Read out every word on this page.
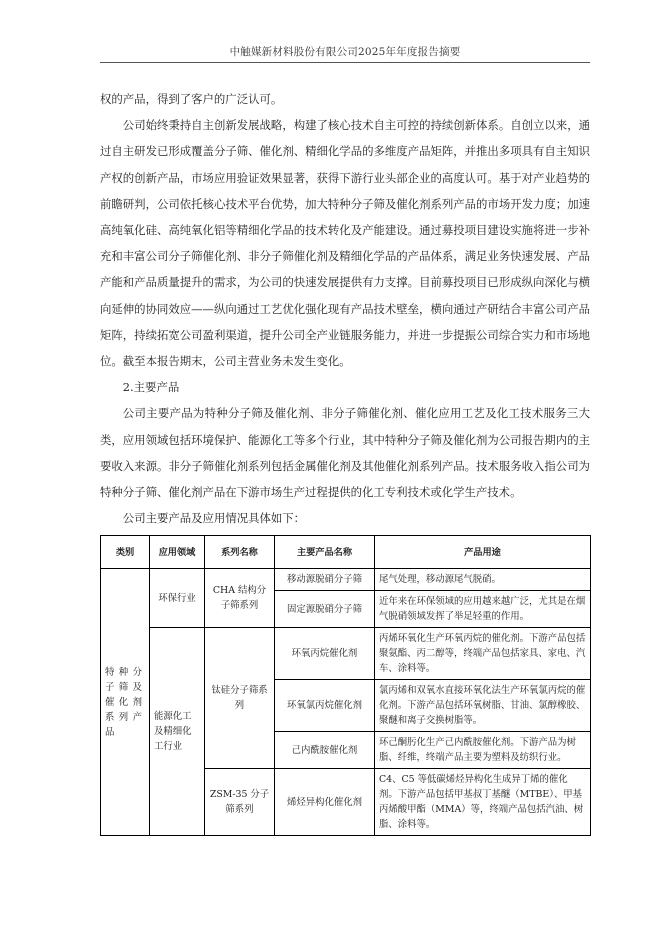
中触媒新材料股份有限公司2025年年度报告摘要

权的产品，得到了客户的广泛认可。

公司始终秉持自主创新发展战略，构建了核心技术自主可控的持续创新体系。自创立以来，通过自主研发已形成覆盖分子筛、催化剂、精细化学品的多维度产品矩阵，并推出多项具有自主知识产权的创新产品，市场应用验证效果显著，获得下游行业头部企业的高度认可。基于对产业趋势的前瞻研判，公司依托核心技术平台优势，加大特种分子筛及催化剂系列产品的市场开发力度；加速高纯氧化硅、高纯氧化铝等精细化学品的技术转化及产能建设。通过募投项目建设实施将进一步补充和丰富公司分子筛催化剂、非分子筛催化剂及精细化学品的产品体系，满足业务快速发展、产品产能和产品质量提升的需求，为公司的快速发展提供有力支撑。目前募投项目已形成纵向深化与横向延伸的协同效应——纵向通过工艺优化强化现有产品技术壁垒，横向通过产研结合丰富公司产品矩阵，持续拓宽公司盈利渠道，提升公司全产业链服务能力，并进一步提振公司综合实力和市场地位。截至本报告期末，公司主营业务未发生变化。

2.主要产品

公司主要产品为特种分子筛及催化剂、非分子筛催化剂、催化应用工艺及化工技术服务三大类，应用领域包括环境保护、能源化工等多个行业，其中特种分子筛及催化剂为公司报告期内的主要收入来源。非分子筛催化剂系列包括金属催化剂及其他催化剂系列产品。技术服务收入指公司为特种分子筛、催化剂产品在下游市场生产过程提供的化工专利技术或化学生产技术。

公司主要产品及应用情况具体如下：

类别	应用领域	系列名称	主要产品名称	产品用途
特种分子筛及催化剂系列产品	环保行业	CHA 结构分子筛系列	移动源脱硝分子筛	尾气处理，移动源尾气脱硝。
			固定源脱硝分子筛	近年来在环保领域的应用越来越广泛，尤其是在烟气脱硝领域发挥了举足轻重的作用。
	能源化工及精细化工行业	钛硅分子筛系列	环氧丙烷催化剂	丙烯环氧化生产环氧丙烷的催化剂。下游产品包括聚氨酯、丙二醇等，终端产品包括家具、家电、汽车、涂料等。
			环氧氯丙烷催化剂	氯丙烯和双氧水直接环氧化法生产环氧氯丙烷的催化剂。下游产品包括环氧树脂、甘油、氯醇橡胶、聚醚和离子交换树脂等。
			己内酰胺催化剂	环己酮肟化生产己内酰胺催化剂。下游产品为树脂、纤维，终端产品主要为塑料及纺织行业。
		ZSM-35 分子筛系列	烯烃异构化催化剂	C4、C5 等低碳烯烃异构化生成异丁烯的催化剂。下游产品包括甲基叔丁基醚（MTBE）、甲基丙烯酸甲酯（MMA）等，终端产品包括汽油、树脂、涂料等。
